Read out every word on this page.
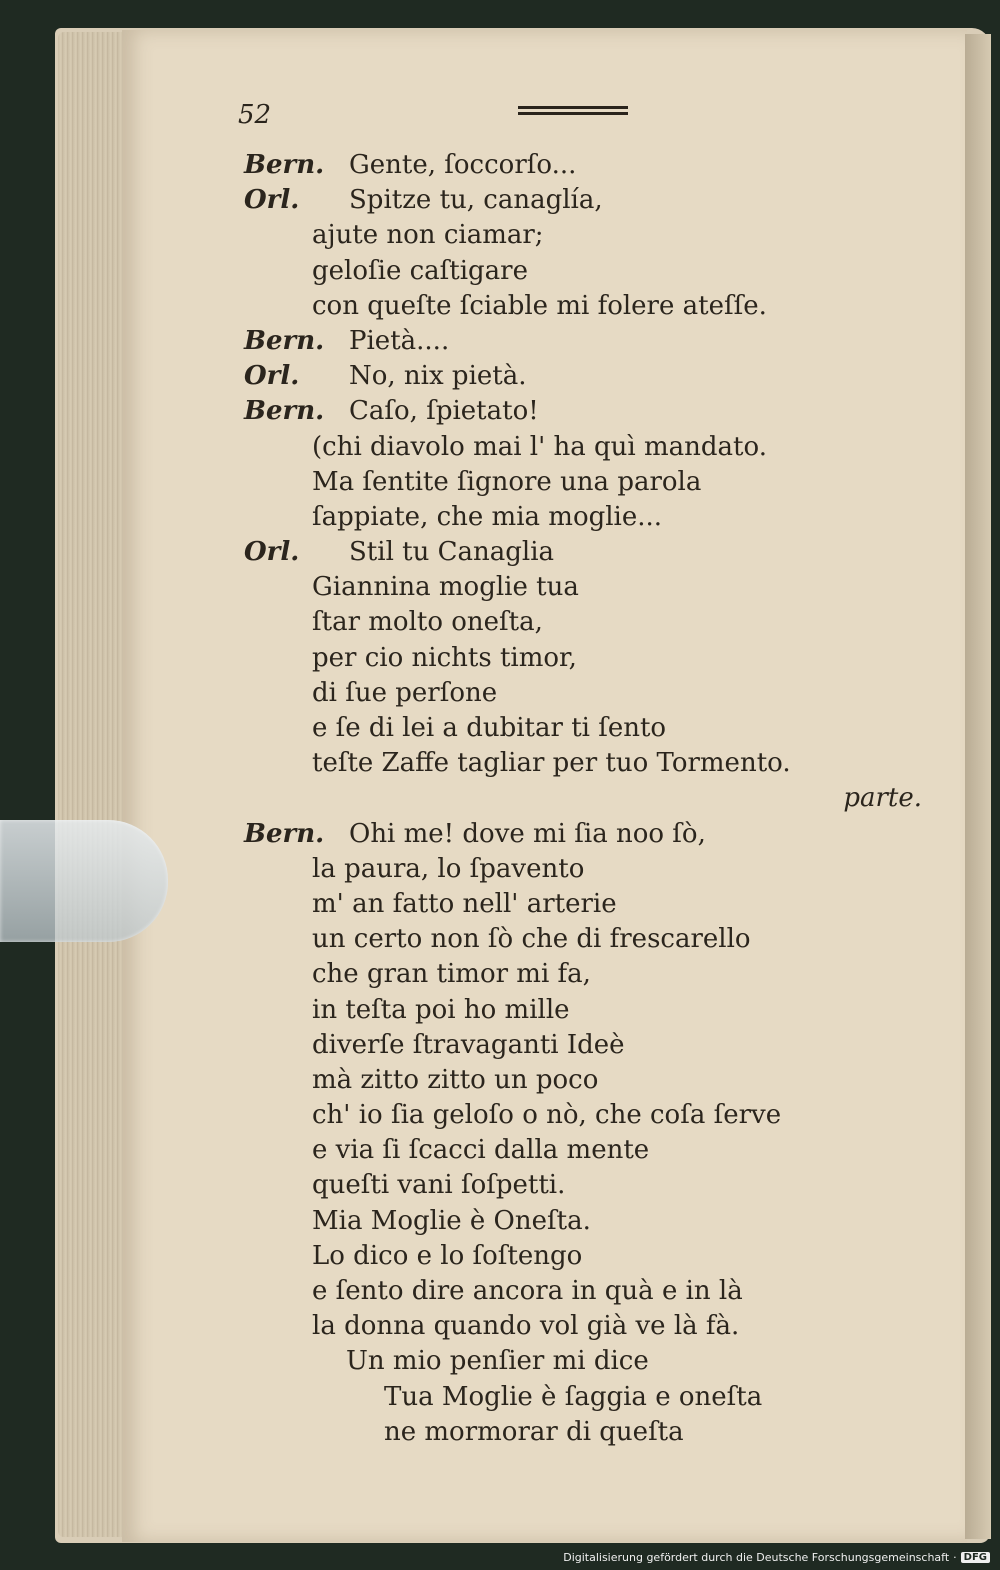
52
Bern. Gente, ſoccorſo...
Orl. Spitze tu, canaglía,
ajute non ciamar;
geloſie caſtigare
con queſte ſciable mi folere ateſſe.
Bern. Pietà....
Orl. No, nix pietà.
Bern. Caſo, ſpietato!
(chi diavolo mai l' ha quì mandato.
Ma ſentite ſignore una parola
ſappiate, che mia moglie...
Orl. Stil tu Canaglia
Giannina moglie tua
ſtar molto oneſta,
per cio nichts timor,
di ſue perſone
e ſe di lei a dubitar ti ſento
teſte Zaffe tagliar per tuo Tormento.
parte.
Bern. Ohi me! dove mi ſia noo ſò,
la paura, lo ſpavento
m' an fatto nell' arterie
un certo non ſò che di frescarello
che gran timor mi fa,
in teſta poi ho mille
diverſe ſtravaganti Ideè
mà zitto zitto un poco
ch' io ſia geloſo o nò, che coſa ſerve
e via ſi ſcacci dalla mente
queſti vani ſoſpetti.
Mia Moglie è Oneſta.
Lo dico e lo ſoſtengo
e ſento dire ancora in quà e in là
la donna quando vol già ve là fà.
Un mio penſier mi dice
Tua Moglie è ſaggia e oneſta
ne mormorar di queſta
Digitalisierung gefördert durch die Deutsche Forschungsgemeinschaft · DFG
